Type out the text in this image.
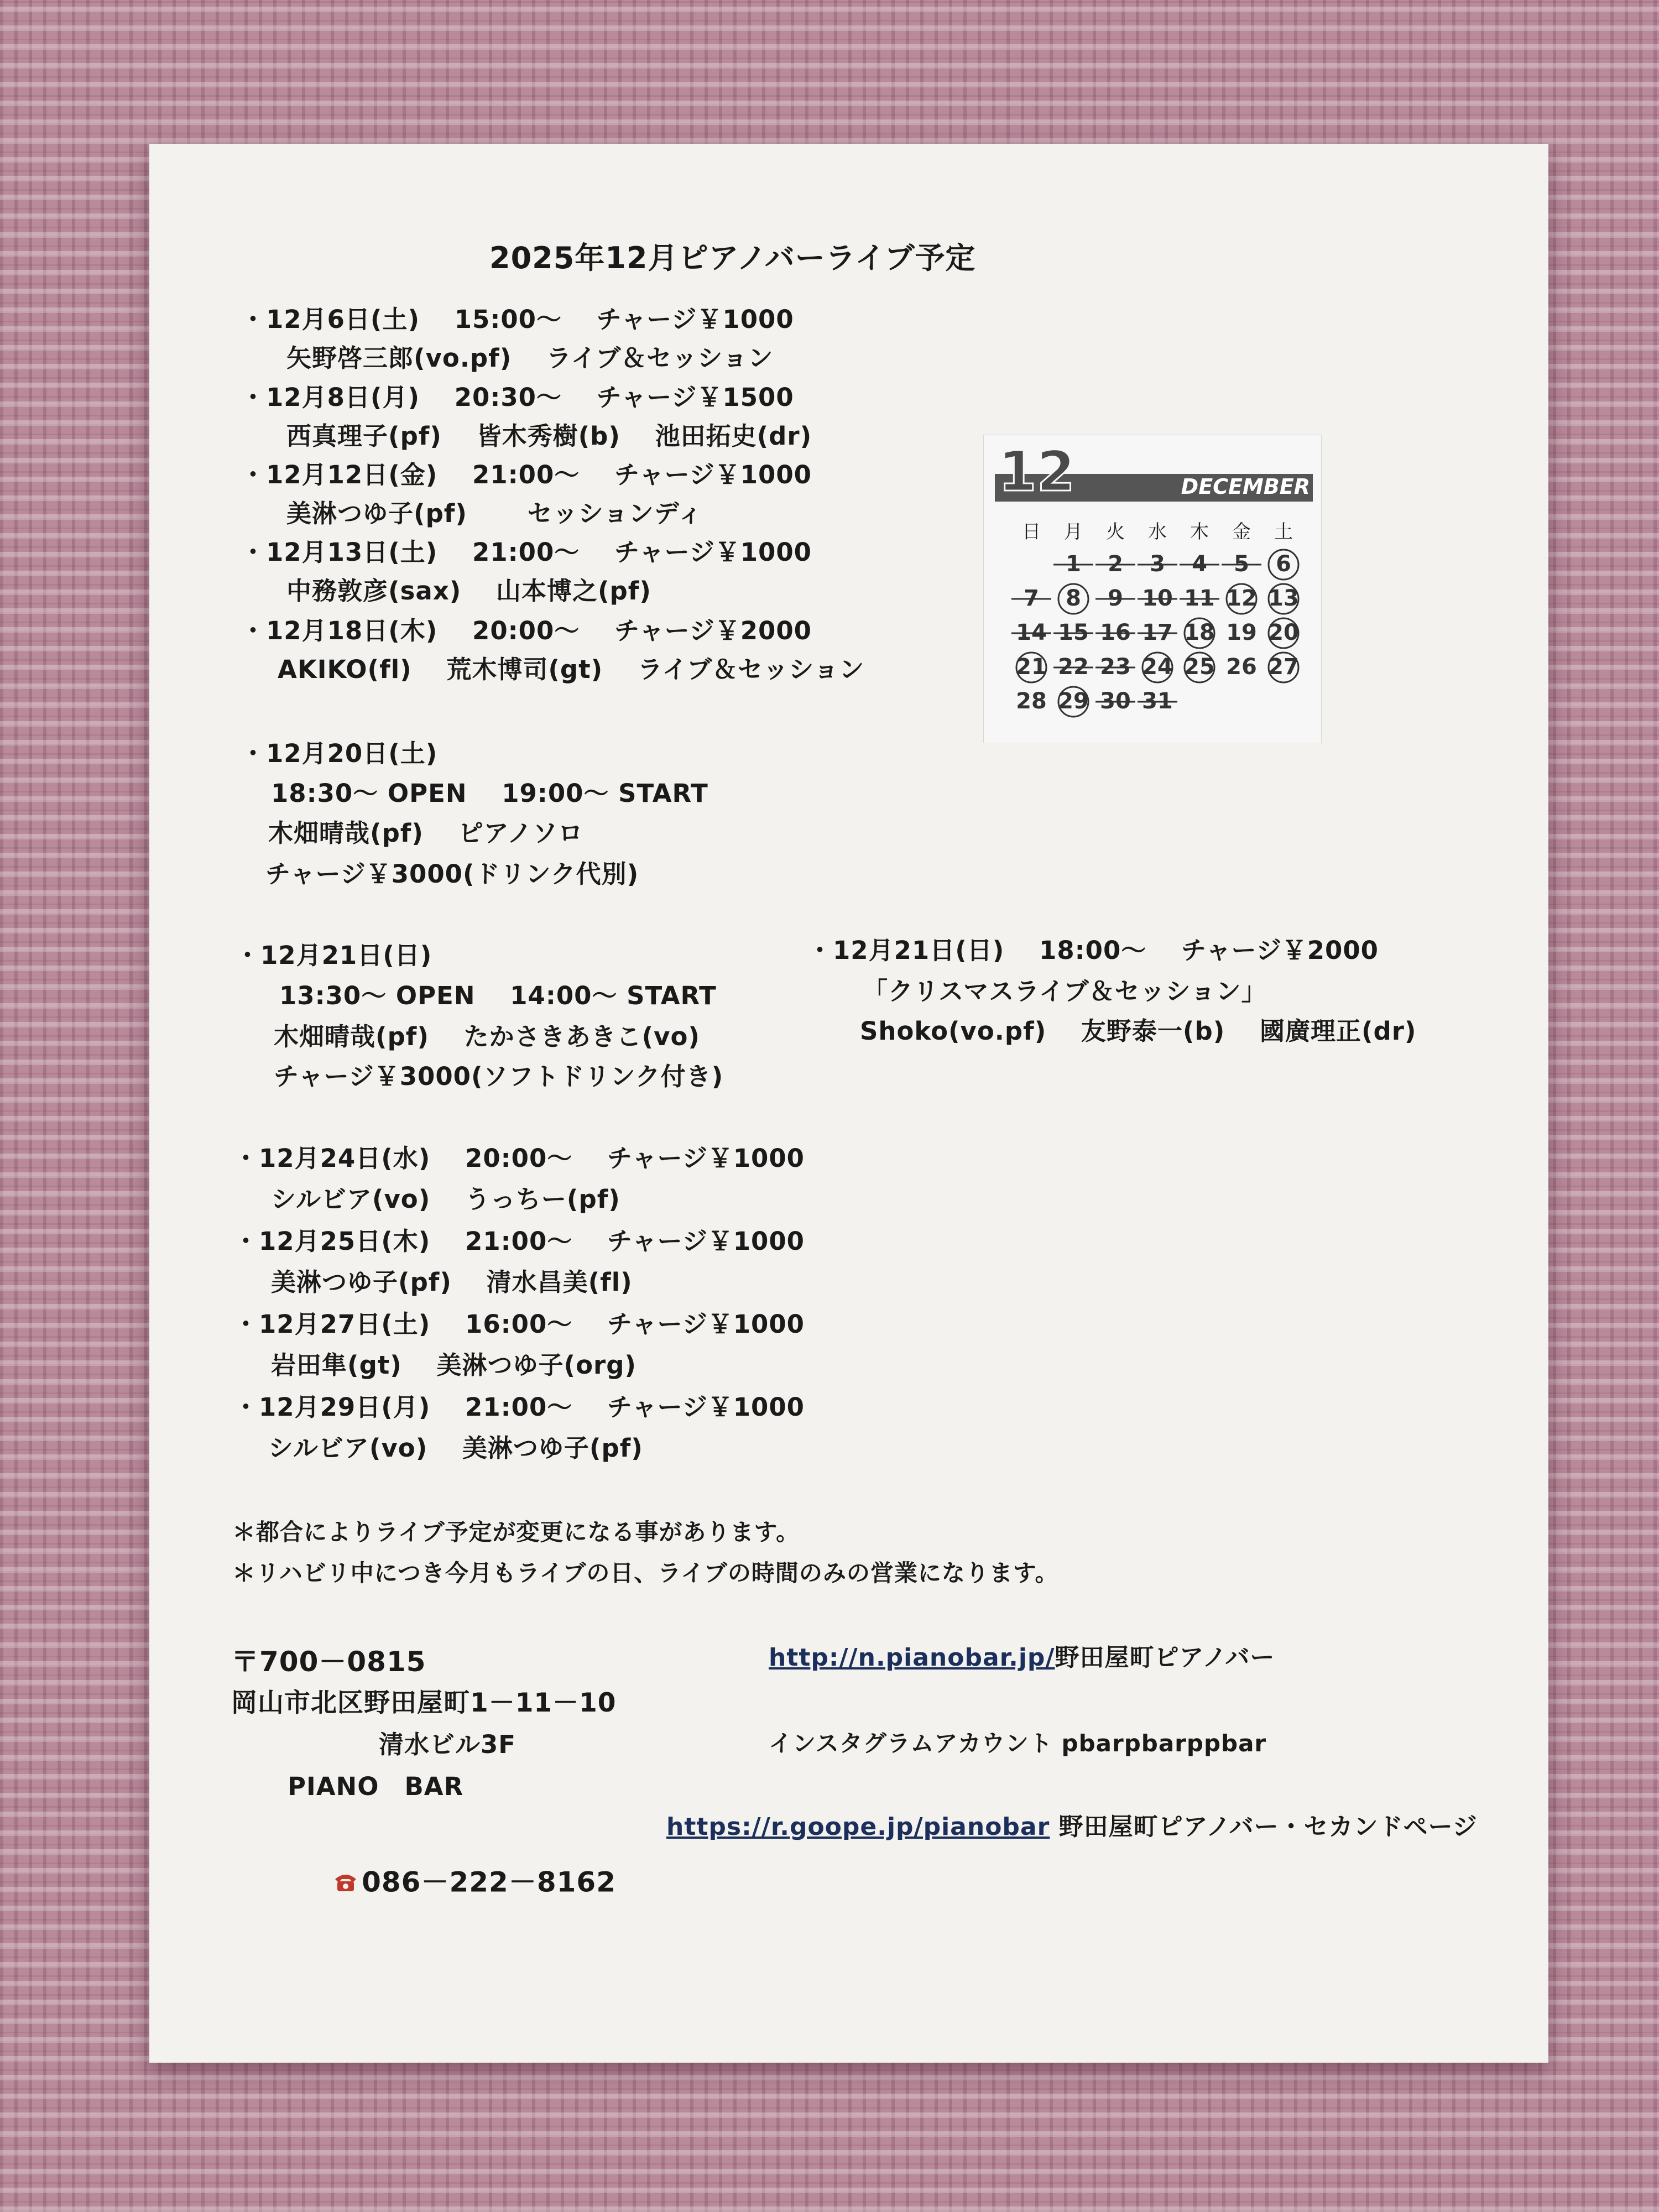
2025年12月ピアノバーライブ予定
・12月6日(土)　 15:00～　 チャージ￥1000
矢野啓三郎(vo.pf)　 ライブ＆セッション
・12月8日(月)　 20:30～　 チャージ￥1500
西真理子(pf)　 皆木秀樹(b)　 池田拓史(dr)
・12月12日(金)　 21:00～　 チャージ￥1000
美淋つゆ子(pf)　　 セッションディ
・12月13日(土)　 21:00～　 チャージ￥1000
中務敦彦(sax)　 山本博之(pf)
・12月18日(木)　 20:00～　 チャージ￥2000
AKIKO(fl)　 荒木博司(gt)　 ライブ＆セッション
・12月20日(土)
18:30～ OPEN　 19:00～ START
木畑晴哉(pf)　 ピアノソロ
チャージ￥3000(ドリンク代別)
・12月21日(日)
13:30～ OPEN　 14:00～ START
木畑晴哉(pf)　 たかさきあきこ(vo)
チャージ￥3000(ソフトドリンク付き)
・12月21日(日)　 18:00～　 チャージ￥2000
「クリスマスライブ＆セッション」
Shoko(vo.pf)　 友野泰一(b)　 國廣理正(dr)
・12月24日(水)　 20:00～　 チャージ￥1000
シルビア(vo)　 うっちー(pf)
・12月25日(木)　 21:00～　 チャージ￥1000
美淋つゆ子(pf)　 清水昌美(fl)
・12月27日(土)　 16:00～　 チャージ￥1000
岩田隼(gt)　 美淋つゆ子(org)
・12月29日(月)　 21:00～　 チャージ￥1000
シルビア(vo)　 美淋つゆ子(pf)
＊都合によりライブ予定が変更になる事があります。
＊リハビリ中につき今月もライブの日、ライブの時間のみの営業になります。
〒700－0815
岡山市北区野田屋町1－11－10
清水ビル3F
PIANO　BAR

086－222－8162

http://n.pianobar.jp/野田屋町ピアノバー
インスタグラムアカウント pbarpbarppbar
https://r.goope.jp/pianobar 野田屋町ピアノバー・セカンドページ
12	DECEMBER
日 月 火 水 木 金 土
1 2 3 4 5 6
7 8 9 10 11 12 13
14 15 16 17 18 19 20
21 22 23 24 25 26 27
28 29 30 31
